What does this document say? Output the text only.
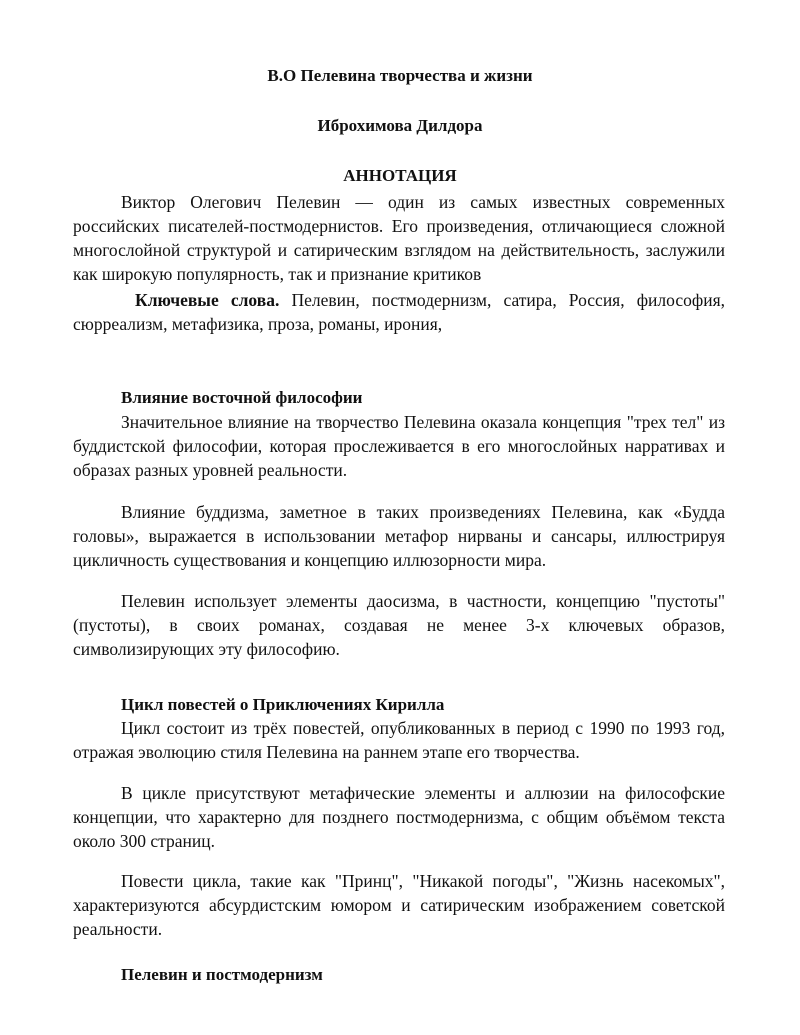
В.О Пелевина творчества и жизни
Иброхимова Дилдора
АННОТАЦИЯ
Виктор Олегович Пелевин — один из самых известных современных российских писателей-постмодернистов. Его произведения, отличающиеся сложной многослойной структурой и сатирическим взглядом на действительность, заслужили как широкую популярность, так и признание критиков
Ключевые слова. Пелевин, постмодернизм, сатира, Россия, философия, сюрреализм, метафизика, проза, романы, ирония,
Влияние восточной философии
Значительное влияние на творчество Пелевина оказала концепция "трех тел" из буддистской философии, которая прослеживается в его многослойных нарративах и образах разных уровней реальности.
Влияние буддизма, заметное в таких произведениях Пелевина, как «Будда головы», выражается в использовании метафор нирваны и сансары, иллюстрируя цикличность существования и концепцию иллюзорности мира.
Пелевин использует элементы даосизма, в частности, концепцию "пустоты" (пустоты), в своих романах, создавая не менее 3-х ключевых образов, символизирующих эту философию.
Цикл повестей о Приключениях Кирилла
Цикл состоит из трёх повестей, опубликованных в период с 1990 по 1993 год, отражая эволюцию стиля Пелевина на раннем этапе его творчества.
В цикле присутствуют метафические элементы и аллюзии на философские концепции, что характерно для позднего постмодернизма, с общим объёмом текста около 300 страниц.
Повести цикла, такие как "Принц", "Никакой погоды", "Жизнь насекомых", характеризуются абсурдистским юмором и сатирическим изображением советской реальности.
Пелевин и постмодернизм
